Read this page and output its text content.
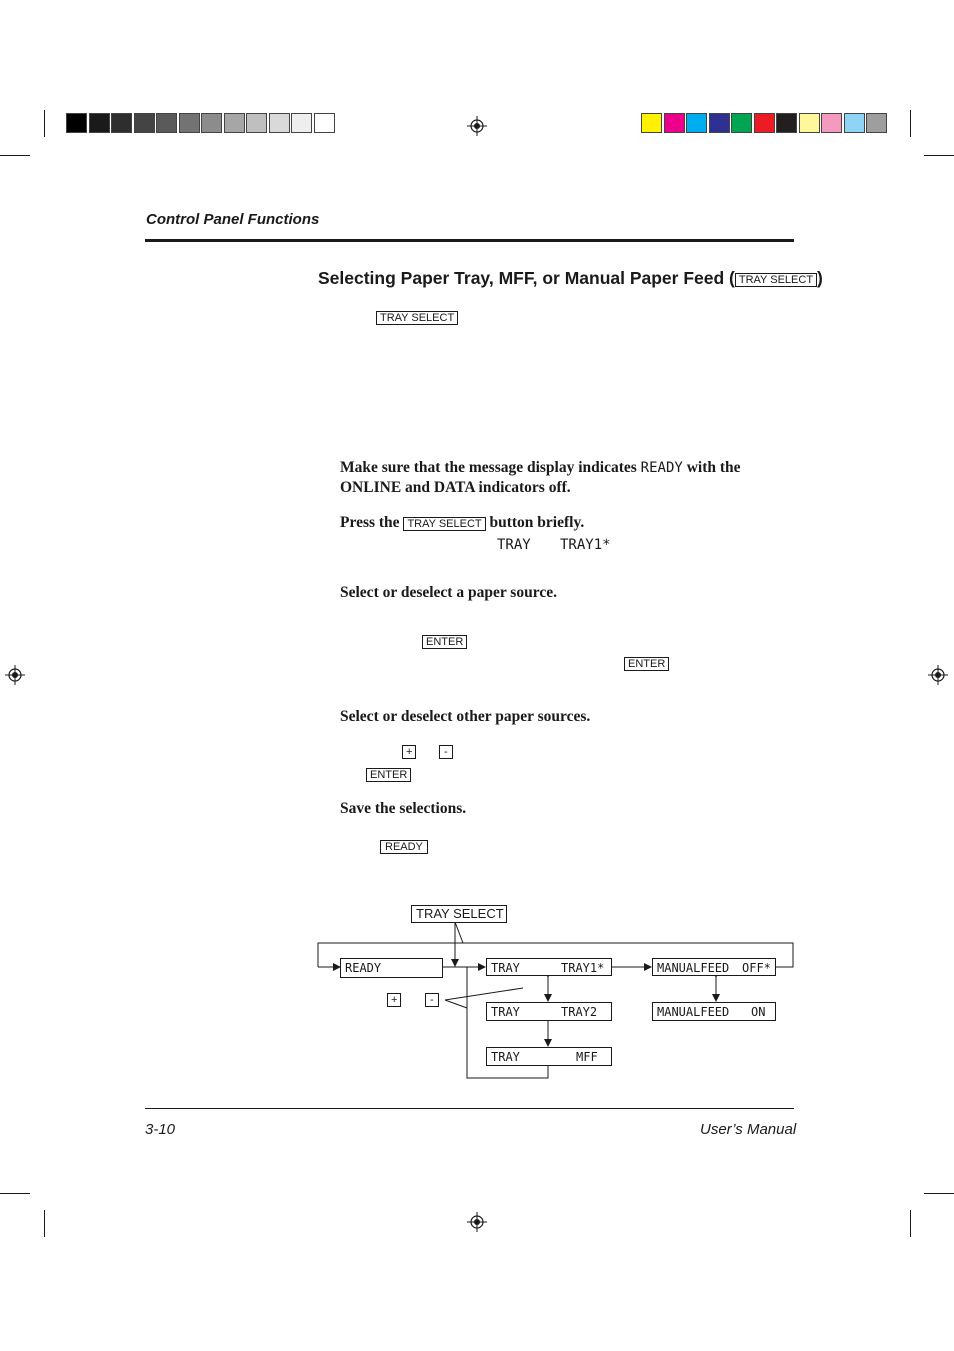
Control Panel Functions
Selecting Paper Tray, MFF, or Manual Paper Feed ( TRAY SELECT )
TRAY SELECT
Make sure that the message display indicates READY with the ONLINE and DATA indicators off.
Press the TRAY SELECT button briefly.
TRAY TRAY1*
Select or deselect a paper source.
ENTER
ENTER
Select or deselect other paper sources.
+	-
ENTER
Save the selections.
READY
TRAY SELECT
READY	TRAY	TRAY1*
TRAY	TRAY2
TRAY	MFF
MANUALFEED OFF*
MANUALFEED ON
+	-
3-10	User’s Manual
